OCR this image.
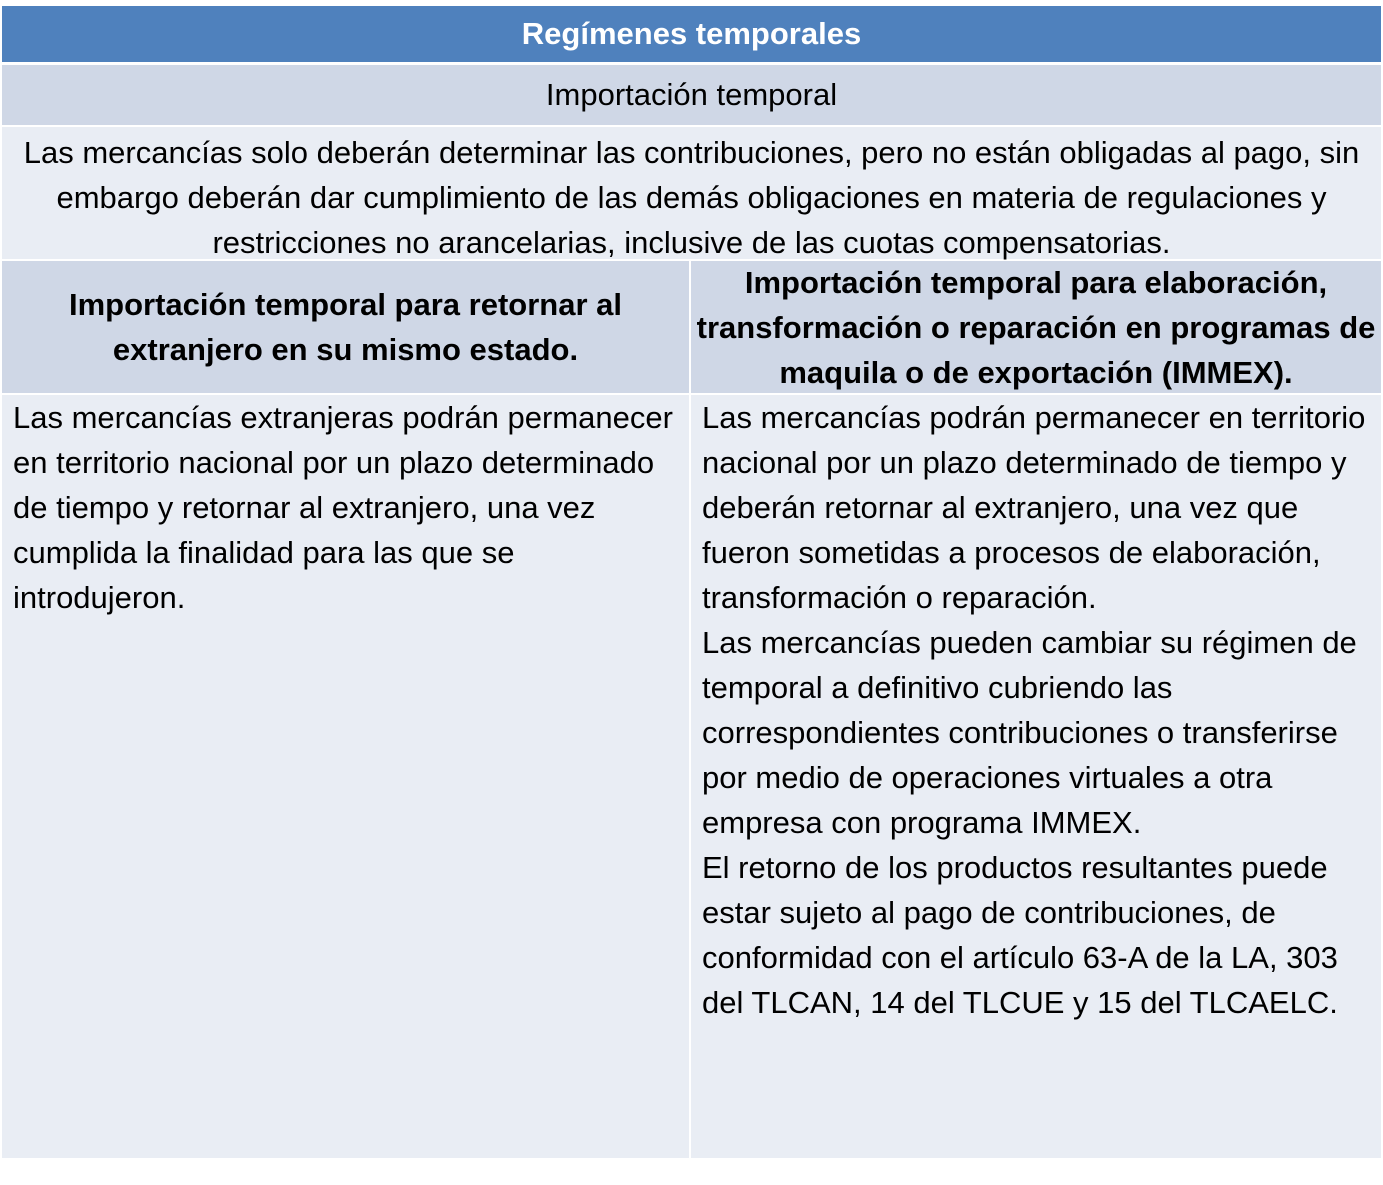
Regímenes temporales
Importación temporal
Las mercancías solo deberán determinar las contribuciones, pero no están obligadas al pago, sin embargo deberán dar cumplimiento de las demás obligaciones en materia de regulaciones y restricciones no arancelarias, inclusive de las cuotas compensatorias.
Importación temporal para retornar al extranjero en su mismo estado.
Importación temporal para elaboración, transformación o reparación en programas de maquila o de exportación (IMMEX).

Las mercancías extranjeras podrán permanecer en territorio nacional por un plazo determinado de tiempo y retornar al extranjero, una vez cumplida la finalidad para las que se introdujeron.

Las mercancías podrán permanecer en territorio nacional por un plazo determinado de tiempo y deberán retornar al extranjero, una vez que fueron sometidas a procesos de elaboración, transformación o reparación.

Las mercancías pueden cambiar su régimen de temporal a definitivo cubriendo las correspondientes contribuciones o transferirse por medio de operaciones virtuales a otra empresa con programa IMMEX.

El retorno de los productos resultantes puede estar sujeto al pago de contribuciones, de conformidad con el artículo 63-A de la LA, 303 del TLCAN, 14 del TLCUE y 15 del TLCAELC.
